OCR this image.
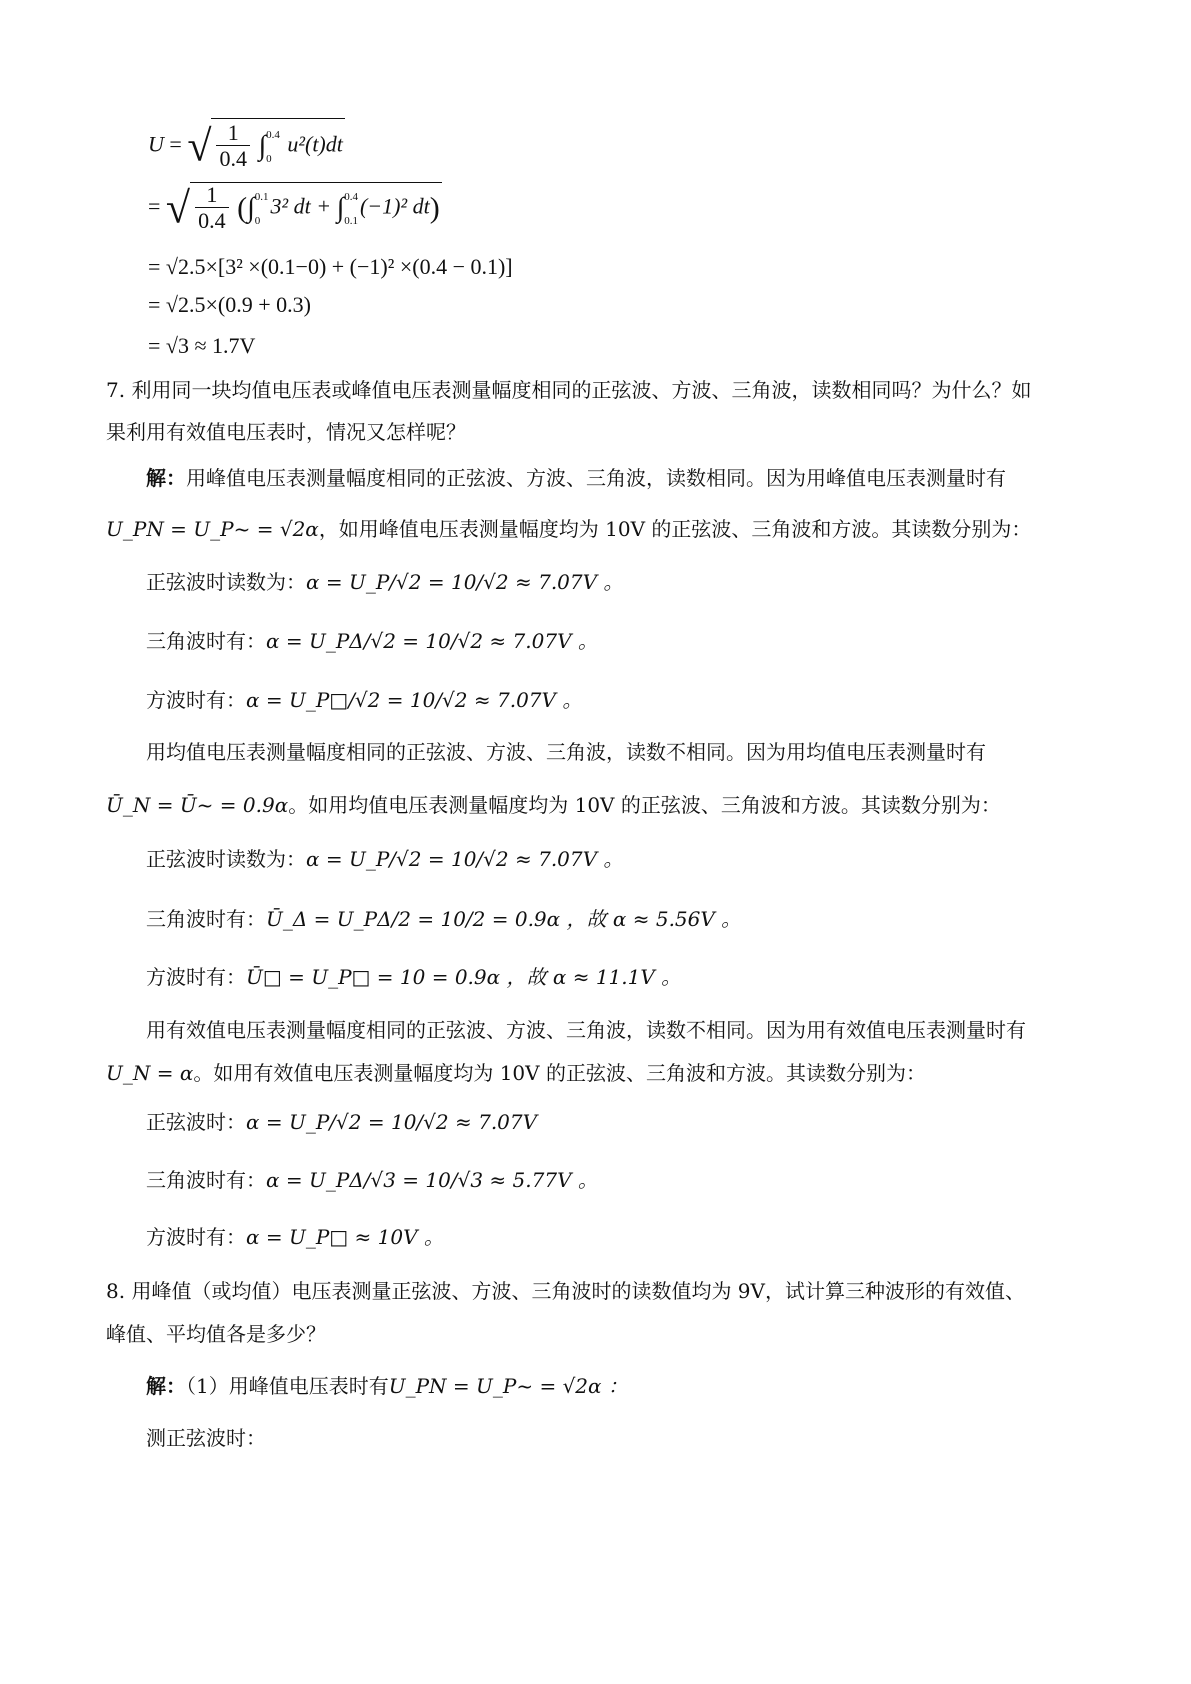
U = √ $\frac{1}{0.4} \int 0.4$

0 u²(t)dt
= √ $\frac{1}{0.4} (\int 0.1$

03² dt + ∫0.4

0.1(−1)² dt)
= √2.5×[3² ×(0.1−0) + (−1)² ×(0.4 − 0.1)]
= √2.5×(0.9 + 0.3)
= √3 ≈ 1.7V
7. 利用同一块均值电压表或峰值电压表测量幅度相同的正弦波、方波、三角波，读数相同吗？为什么？如
果利用有效值电压表时，情况又怎样呢？
解：用峰值电压表测量幅度相同的正弦波、方波、三角波，读数相同。因为用峰值电压表测量时有
U_PN = U_P~ = √2α，如用峰值电压表测量幅度均为 10V 的正弦波、三角波和方波。其读数分别为：
正弦波时读数为：α = U_P/√2 = 10/√2 ≈ 7.07V 。
三角波时有：α = U_PΔ/√2 = 10/√2 ≈ 7.07V 。
方波时有：α = U_P□/√2 = 10/√2 ≈ 7.07V 。
用均值电压表测量幅度相同的正弦波、方波、三角波，读数不相同。因为用均值电压表测量时有
Ū_N = Ū~ = 0.9α。如用均值电压表测量幅度均为 10V 的正弦波、三角波和方波。其读数分别为：
正弦波时读数为：α = U_P/√2 = 10/√2 ≈ 7.07V 。
三角波时有：Ū_Δ = U_PΔ/2 = 10/2 = 0.9α ，故 α ≈ 5.56V 。
方波时有：Ū□ = U_P□ = 10 = 0.9α ，故 α ≈ 11.1V 。
用有效值电压表测量幅度相同的正弦波、方波、三角波，读数不相同。因为用有效值电压表测量时有
U_N = α。如用有效值电压表测量幅度均为 10V 的正弦波、三角波和方波。其读数分别为：
正弦波时：α = U_P/√2 = 10/√2 ≈ 7.07V
三角波时有：α = U_PΔ/√3 = 10/√3 ≈ 5.77V 。
方波时有：α = U_P□ ≈ 10V 。
8. 用峰值（或均值）电压表测量正弦波、方波、三角波时的读数值均为 9V，试计算三种波形的有效值、
峰值、平均值各是多少？
解：（1）用峰值电压表时有U_PN = U_P~ = √2α ：
测正弦波时：
